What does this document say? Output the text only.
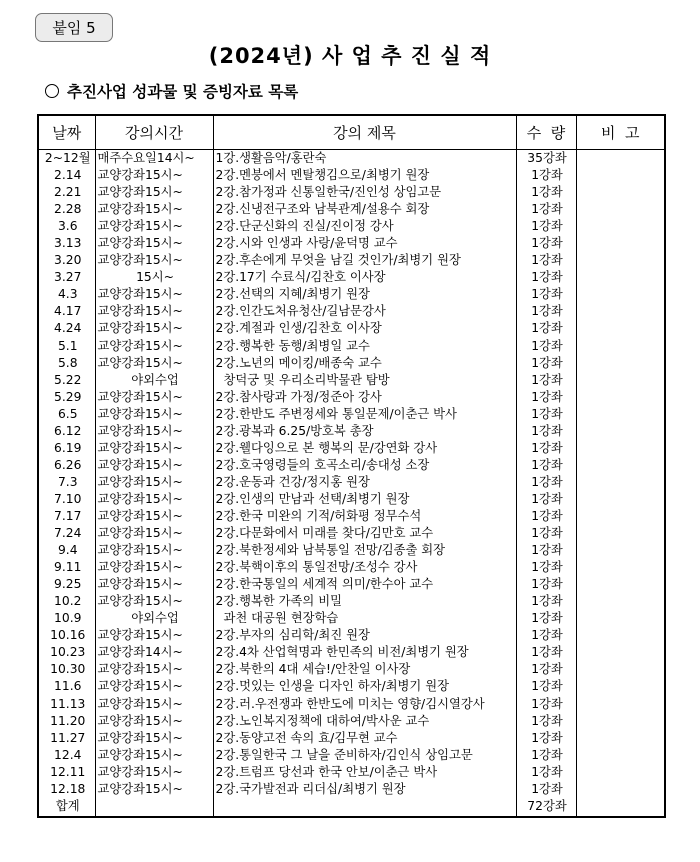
붙임 5
(2024년) 사 업 추 진 실 적
추진사업 성과물 및 증빙자료 목록
날짜	강의시간	강의 제목	수  량	비  고
2~12월	매주수요일14시~	1강.생활음악/홍란숙	35강좌	
2.14	교양강좌15시~	2강.멘붕에서 멘탈챙김으로/최병기 원장	1강좌	
2.21	교양강좌15시~	2강.참가정과 신통일한국/진인성 상임고문	1강좌	
2.28	교양강좌15시~	2강.신냉전구조와 남북관계/설용수 회장	1강좌	
3.6	교양강좌15시~	2강.단군신화의 진실/진이정 강사	1강좌	
3.13	교양강좌15시~	2강.시와 인생과 사랑/윤덕명 교수	1강좌	
3.20	교양강좌15시~	2강.후손에게 무엇을 남길 것인가/최병기 원장	1강좌	
3.27	15시~	2강.17기 수료식/김찬호 이사장	1강좌	
4.3	교양강좌15시~	2강.선택의 지혜/최병기 원장	1강좌	
4.17	교양강좌15시~	2강.인간도처유청산/길남문강사	1강좌	
4.24	교양강좌15시~	2강.계절과 인생/김찬호 이사장	1강좌	
5.1	교양강좌15시~	2강.행복한 동행/최병일 교수	1강좌	
5.8	교양강좌15시~	2강.노년의 메이킹/배종숙 교수	1강좌	
5.22	야외수업	창덕궁 및 우리소리박물관 탐방	1강좌	
5.29	교양강좌15시~	2강.참사랑과 가정/정준아 강사	1강좌	
6.5	교양강좌15시~	2강.한반도 주변정세와 통일문제/이춘근 박사	1강좌	
6.12	교양강좌15시~	2강.광복과 6.25/방호복 총장	1강좌	
6.19	교양강좌15시~	2강.웰다잉으로 본 행복의 문/강연화 강사	1강좌	
6.26	교양강좌15시~	2강.호국영령들의 호곡소리/송대성 소장	1강좌	
7.3	교양강좌15시~	2강.운동과 건강/정지홍 원장	1강좌	
7.10	교양강좌15시~	2강.인생의 만남과 선택/최병기 원장	1강좌	
7.17	교양강좌15시~	2강.한국 미완의 기적/허화평 정무수석	1강좌	
7.24	교양강좌15시~	2강.다문화에서 미래를 찾다/김만호 교수	1강좌	
9.4	교양강좌15시~	2강.북한정세와 남북통일 전망/김종출 회장	1강좌	
9.11	교양강좌15시~	2강.북핵이후의 통일전망/조성수 강사	1강좌	
9.25	교양강좌15시~	2강.한국통일의 세계적 의미/한수아 교수	1강좌	
10.2	교양강좌15시~	2강.행복한 가족의 비밀	1강좌	
10.9	야외수업	과천 대공원 현장학습	1강좌	
10.16	교양강좌15시~	2강.부자의 심리학/최진 원장	1강좌	
10.23	교양강좌14시~	2강.4차 산업혁명과 한민족의 비전/최병기 원장	1강좌	
10.30	교양강좌15시~	2강.북한의 4대 세습!/안찬일 이사장	1강좌	
11.6	교양강좌15시~	2강.멋있는 인생을 디자인 하자/최병기 원장	1강좌	
11.13	교양강좌15시~	2강.러.우전쟁과 한반도에 미치는 영향/김시열강사	1강좌	
11.20	교양강좌15시~	2강.노인복지정책에 대하여/박사운 교수	1강좌	
11.27	교양강좌15시~	2강.동양고전 속의 효/김무현 교수	1강좌	
12.4	교양강좌15시~	2강.통일한국 그 날을 준비하자/김인식 상임고문	1강좌	
12.11	교양강좌15시~	2강.트럼프 당선과 한국 안보/이춘근 박사	1강좌	
12.18	교양강좌15시~	2강.국가발전과 리더십/최병기 원장	1강좌	
합계			72강좌	
